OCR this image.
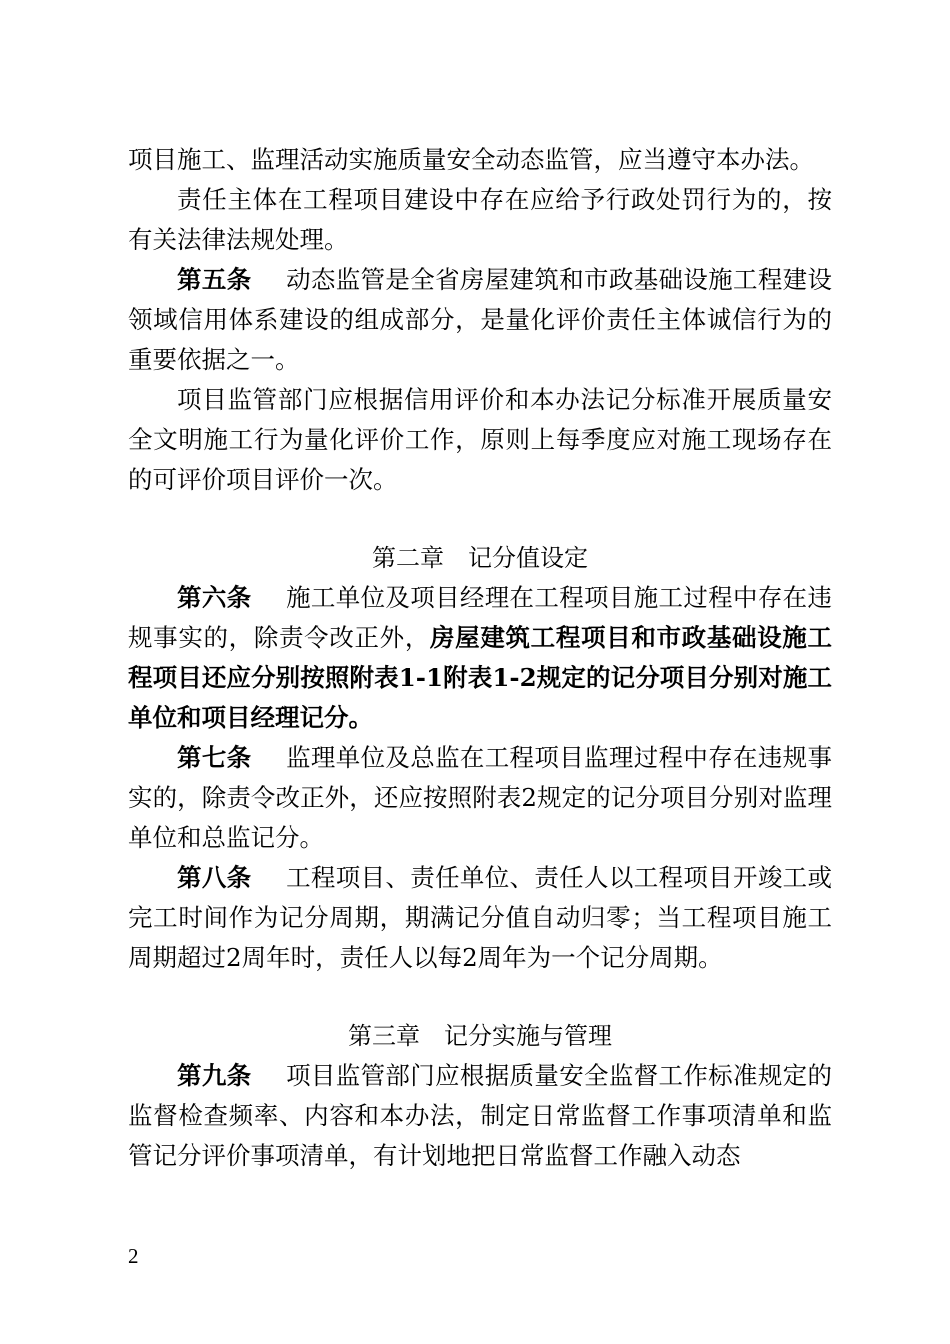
项目施工、监理活动实施质量安全动态监管，应当遵守本办法。

责任主体在工程项目建设中存在应给予行政处罚行为的，按有关法律法规处理。

第五条 动态监管是全省房屋建筑和市政基础设施工程建设领域信用体系建设的组成部分，是量化评价责任主体诚信行为的重要依据之一。

项目监管部门应根据信用评价和本办法记分标准开展质量安全文明施工行为量化评价工作，原则上每季度应对施工现场存在的可评价项目评价一次。

第二章 记分值设定

第六条 施工单位及项目经理在工程项目施工过程中存在违规事实的，除责令改正外，房屋建筑工程项目和市政基础设施工程项目还应分别按照附表1-1附表1-2规定的记分项目分别对施工单位和项目经理记分。

第七条 监理单位及总监在工程项目监理过程中存在违规事实的，除责令改正外，还应按照附表2规定的记分项目分别对监理单位和总监记分。

第八条 工程项目、责任单位、责任人以工程项目开竣工或完工时间作为记分周期，期满记分值自动归零；当工程项目施工周期超过2周年时，责任人以每2周年为一个记分周期。

第三章 记分实施与管理

第九条 项目监管部门应根据质量安全监督工作标准规定的监督检查频率、内容和本办法，制定日常监督工作事项清单和监管记分评价事项清单，有计划地把日常监督工作融入动态

2
